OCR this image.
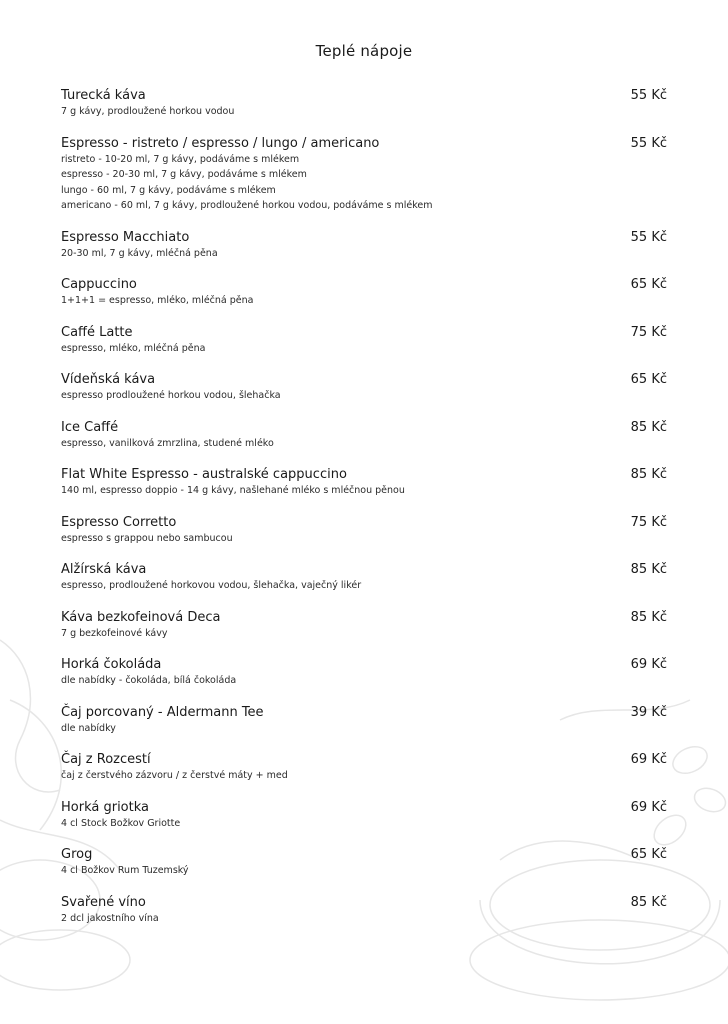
Teplé nápoje
Turecká káva	55 Kč
7 g kávy, prodloužené horkou vodou
Espresso - ristreto / espresso / lungo / americano	55 Kč
ristreto - 10-20 ml, 7 g kávy, podáváme s mlékem
espresso - 20-30 ml, 7 g kávy, podáváme s mlékem
lungo - 60 ml, 7 g kávy, podáváme s mlékem
americano - 60 ml, 7 g kávy, prodloužené horkou vodou, podáváme s mlékem
Espresso Macchiato	55 Kč
20-30 ml, 7 g kávy, mléčná pěna
Cappuccino	65 Kč
1+1+1 = espresso, mléko, mléčná pěna
Caffé Latte	75 Kč
espresso, mléko, mléčná pěna
Vídeňská káva	65 Kč
espresso prodloužené horkou vodou, šlehačka
Ice Caffé	85 Kč
espresso, vanilková zmrzlina, studené mléko
Flat White Espresso - australské cappuccino	85 Kč
140 ml, espresso doppio - 14 g kávy, našlehané mléko s mléčnou pěnou
Espresso Corretto	75 Kč
espresso s grappou nebo sambucou
Alžírská káva	85 Kč
espresso, prodloužené horkovou vodou, šlehačka, vaječný likér
Káva bezkofeinová Deca	85 Kč
7 g bezkofeinové kávy
Horká čokoláda	69 Kč
dle nabídky - čokoláda, bílá čokoláda
Čaj porcovaný - Aldermann Tee	39 Kč
dle nabídky
Čaj z Rozcestí	69 Kč
čaj z čerstvého zázvoru / z čerstvé máty + med
Horká griotka	69 Kč
4 cl Stock Božkov Griotte
Grog	65 Kč
4 cl Božkov Rum Tuzemský
Svařené víno	85 Kč
2 dcl jakostního vína
